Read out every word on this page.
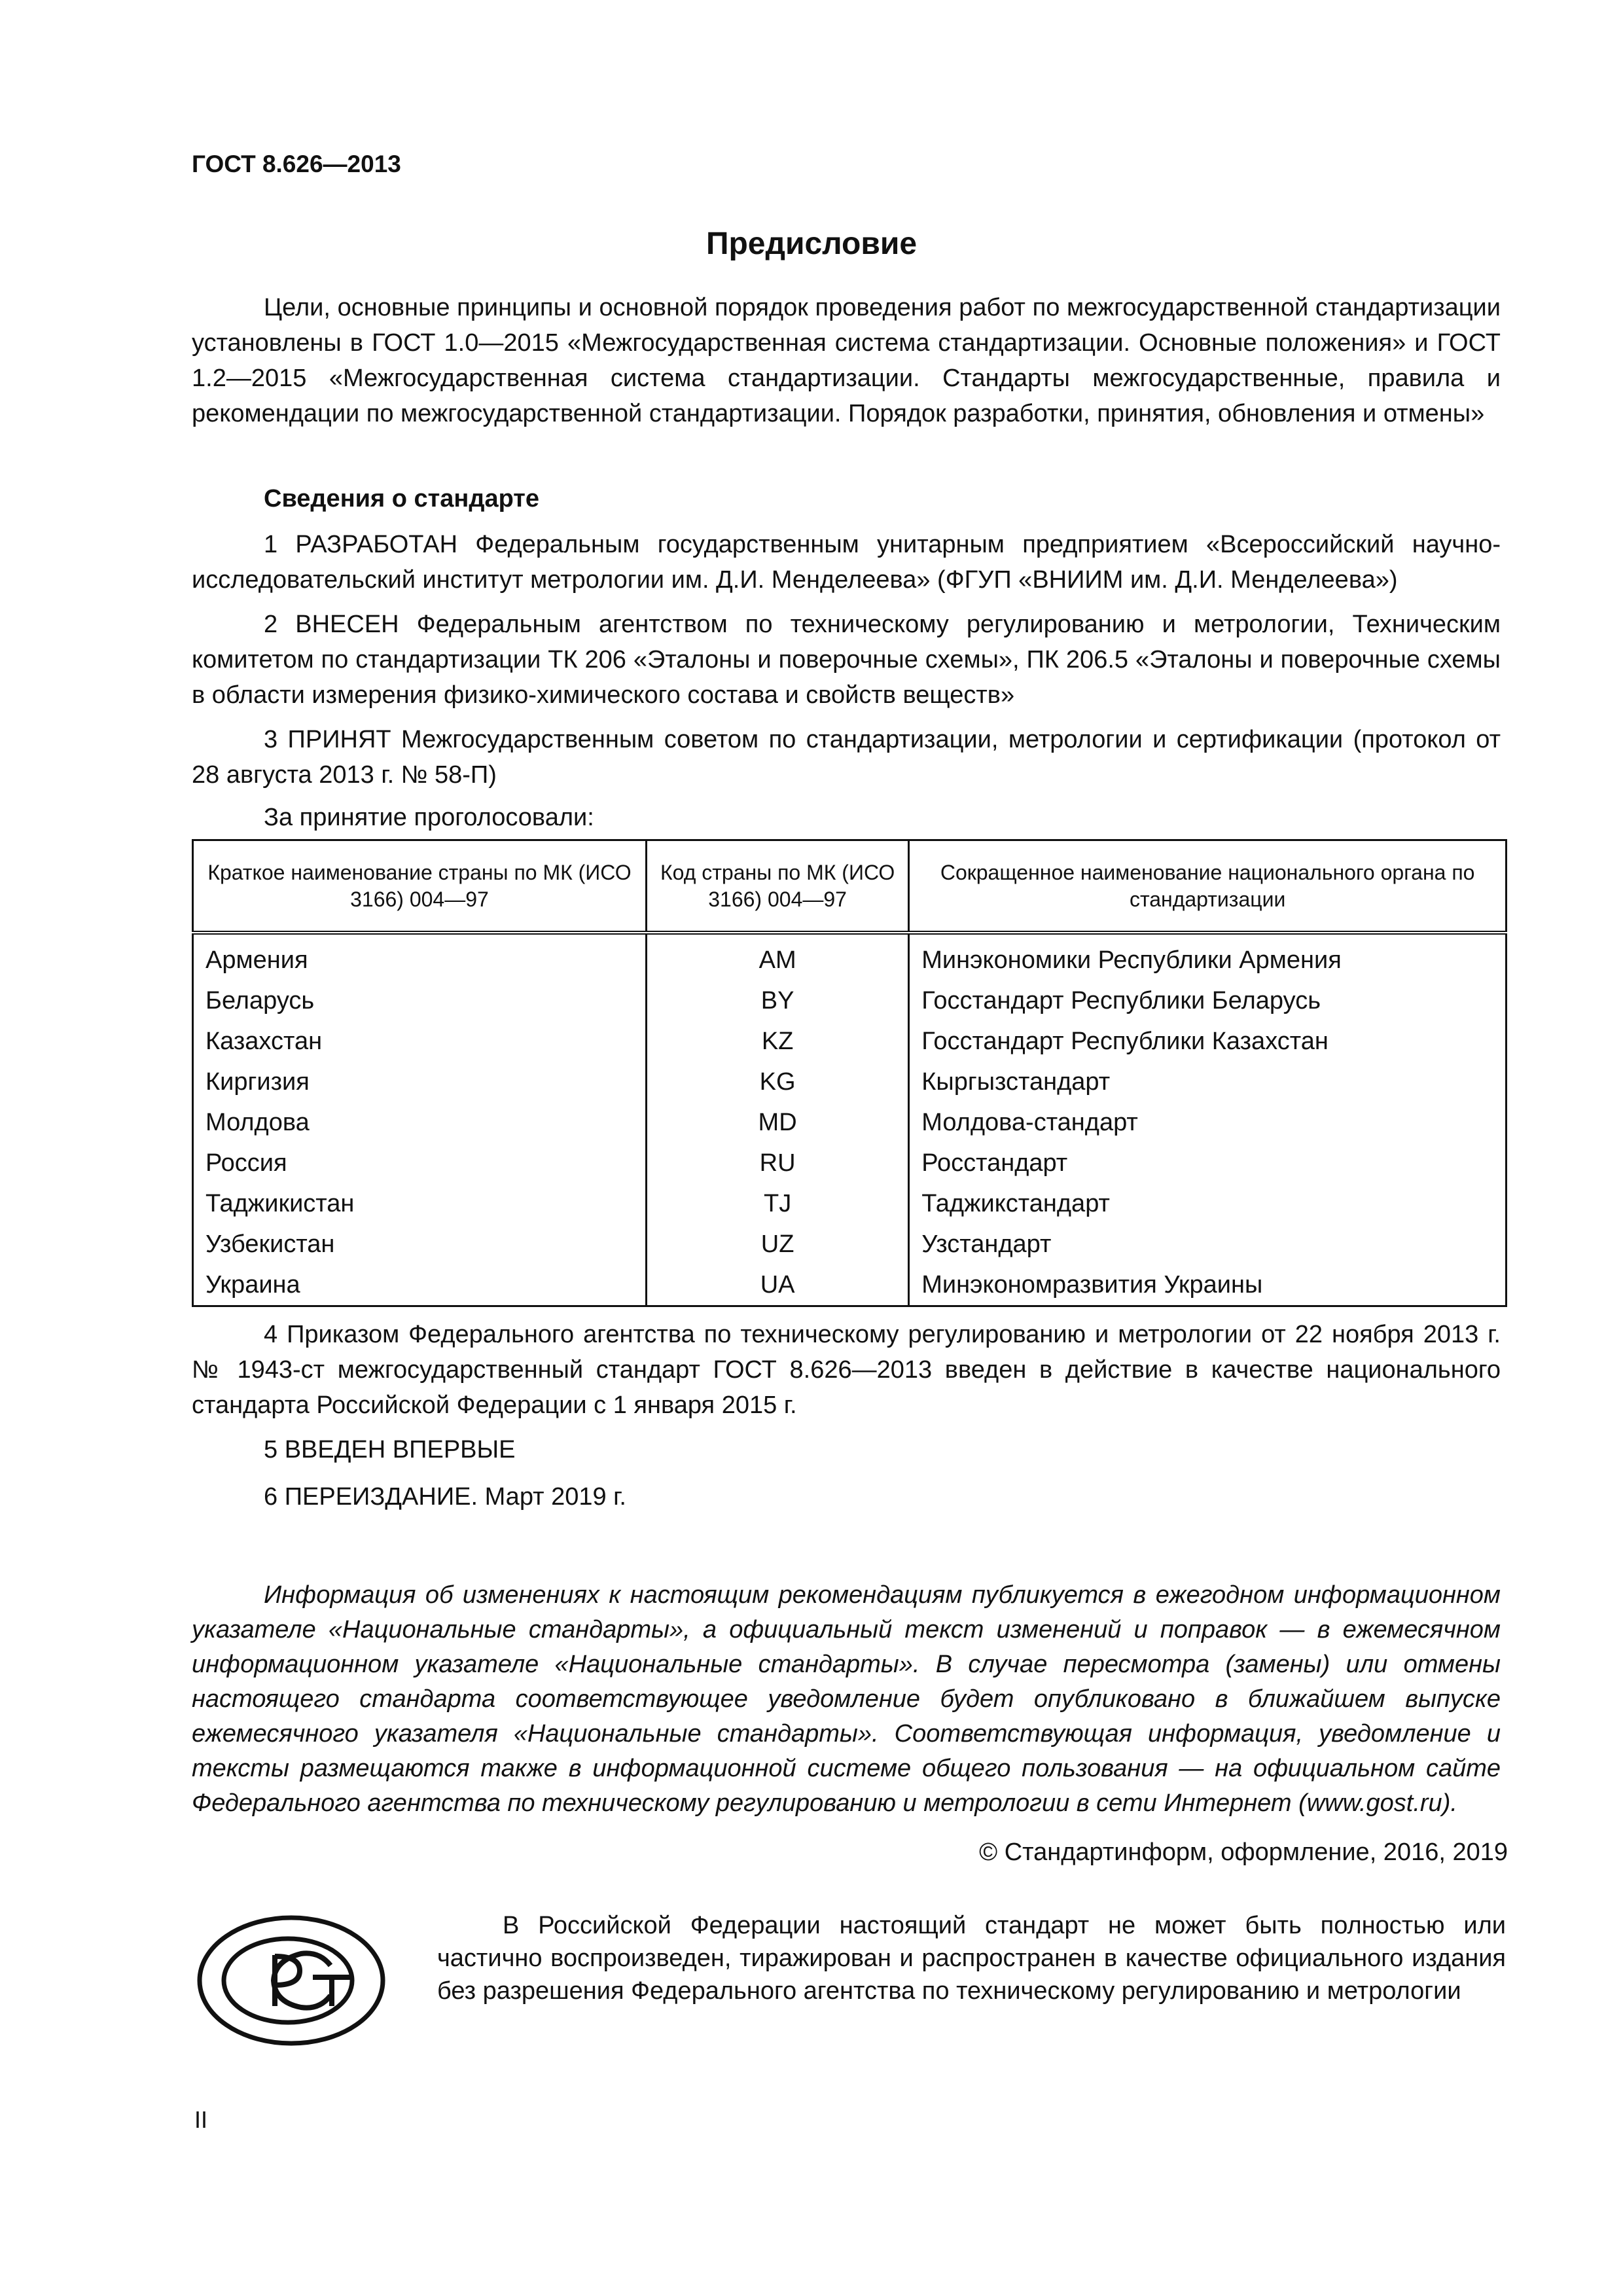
ГОСТ 8.626—2013
Предисловие

Цели, основные принципы и основной порядок проведения работ по межгосударственной стандартизации установлены в ГОСТ 1.0—2015 «Межгосударственная система стандартизации. Основные положения» и ГОСТ 1.2—2015 «Межгосударственная система стандартизации. Стандарты межгосударственные, правила и рекомендации по межгосударственной стандартизации. Порядок разработки, принятия, обновления и отмены»

Сведения о стандарте

1 РАЗРАБОТАН Федеральным государственным унитарным предприятием «Всероссийский научно-исследовательский институт метрологии им. Д.И. Менделеева» (ФГУП «ВНИИМ им. Д.И. Менделеева»)

2 ВНЕСЕН Федеральным агентством по техническому регулированию и метрологии, Техническим комитетом по стандартизации ТК 206 «Эталоны и поверочные схемы», ПК 206.5 «Эталоны и поверочные схемы в области измерения физико-химического состава и свойств веществ»

3 ПРИНЯТ Межгосударственным советом по стандартизации, метрологии и сертификации (протокол от 28 августа 2013 г. № 58-П)

За принятие проголосовали:
Краткое наименование страны по МК (ИСО 3166) 004—97	Код страны по МК (ИСО 3166) 004—97	Сокращенное наименование национального органа по стандартизации
Армения	AM	Минэкономики Республики Армения
Беларусь	BY	Госстандарт Республики Беларусь
Казахстан	KZ	Госстандарт Республики Казахстан
Киргизия	KG	Кыргызстандарт
Молдова	MD	Молдова-стандарт
Россия	RU	Росстандарт
Таджикистан	TJ	Таджикстандарт
Узбекистан	UZ	Узстандарт
Украина	UA	Минэкономразвития Украины

4 Приказом Федерального агентства по техническому регулированию и метрологии от 22 ноября 2013 г. № 1943-ст межгосударственный стандарт ГОСТ 8.626—2013 введен в действие в качестве национального стандарта Российской Федерации с 1 января 2015 г.

5 ВВЕДЕН ВПЕРВЫЕ
6 ПЕРЕИЗДАНИЕ. Март 2019 г.

Информация об изменениях к настоящим рекомендациям публикуется в ежегодном информационном указателе «Национальные стандарты», а официальный текст изменений и поправок — в ежемесячном информационном указателе «Национальные стандарты». В случае пересмотра (замены) или отмены настоящего стандарта соответствующее уведомление будет опубликовано в ближайшем выпуске ежемесячного указателя «Национальные стандарты». Соответствующая информация, уведомление и тексты размещаются также в информационной системе общего пользования — на официальном сайте Федерального агентства по техническому регулированию и метрологии в сети Интернет (www.gost.ru).

© Стандартинформ, оформление, 2016, 2019

В Российской Федерации настоящий стандарт не может быть полностью или частично воспроизведен, тиражирован и распространен в качестве официального издания без разрешения Федерального агентства по техническому регулированию и метрологии

II
